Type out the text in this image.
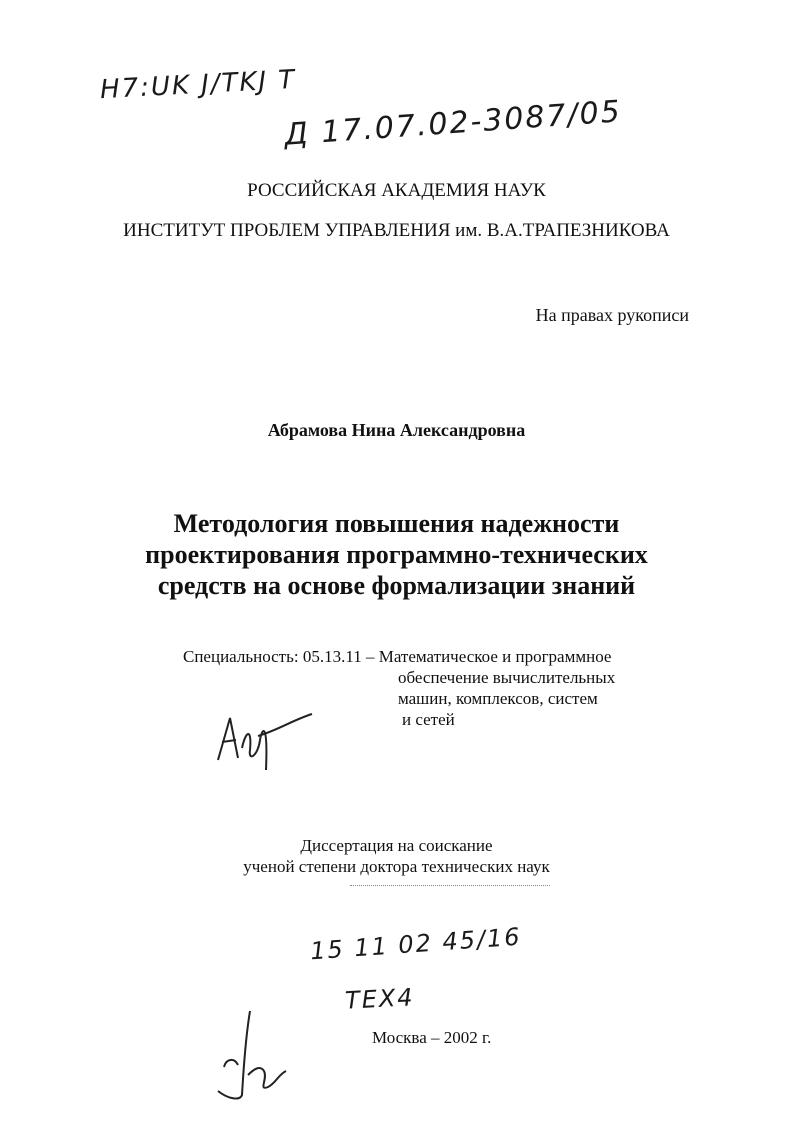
H7:UK J/TKJ T
Д 17.07.02-3087/05
РОССИЙСКАЯ АКАДЕМИЯ НАУК
ИНСТИТУТ ПРОБЛЕМ УПРАВЛЕНИЯ им. В.А.ТРАПЕЗНИКОВА
На правах рукописи
Абрамова Нина Александровна
Методология повышения надежности
проектирования программно-технических
средств на основе формализации знаний
Специальность: 05.13.11 – Математическое и программное
обеспечение вычислительных
машин, комплексов, систем
и сетей
Диссертация на соискание
ученой степени доктора технических наук
15 11 02 45/16
ТЕХ4
Москва – 2002 г.
